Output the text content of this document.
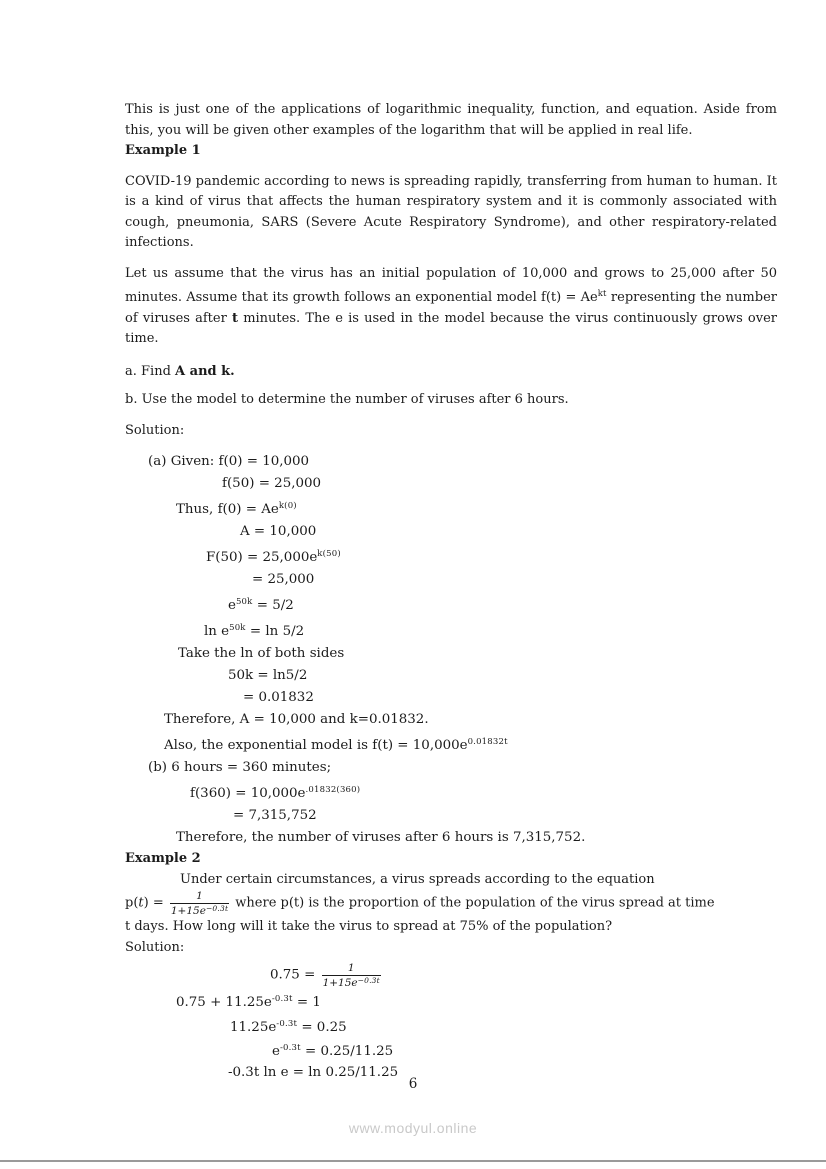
This is just one of the applications of logarithmic inequality, function, and equation. Aside from this, you will be given other examples of the logarithm that will be applied in real life.
Example 1
COVID-19 pandemic according to news is spreading rapidly, transferring from human to human. It is a kind of virus that affects the human respiratory system and it is commonly associated with cough, pneumonia, SARS (Severe Acute Respiratory Syndrome), and other respiratory-related infections.
Let us assume that the virus has an initial population of 10,000 and grows to 25,000 after 50 minutes. Assume that its growth follows an exponential model $f(t) = Ae^{kt}$ representing the number of viruses after t minutes. The e is used in the model because the virus continuously grows over time.
a. Find A and k.
b. Use the model to determine the number of viruses after 6 hours.
Solution:
(a) Given: f(0) = 10,000
f(50) = 25,000
Thus, $f(0) = Ae^{k(0)}$
A = 10,000
$F(50) = 25,000e^{k(50)}$
= 25,000
$e^{50k} = 5/2$
$\ln e^{50k} = \ln 5/2$
Take the ln of both sides
50k = ln5/2
= 0.01832
Therefore, A = 10,000 and k=0.01832.
Also, the exponential model is $f(t) = 10,000e^{0.01832t}$
(b) 6 hours = 360 minutes;
$f(360) = 10,000e^{.01832(360)}$
= 7,315,752
Therefore, the number of viruses after 6 hours is 7,315,752.
Example 2
Under certain circumstances, a virus spreads according to the equation
$p(t) = \frac{1}{1+15e^{-0.3t}}$ where p(t) is the proportion of the population of the virus spread at time
t days. How long will it take the virus to spread at 75% of the population?
Solution:
$0.75 = \frac{1}{1+15e^{-0.3t}}$
$0.75 + 11.25e^{-0.3t} = 1$
$11.25e^{-0.3t} = 0.25$
$e^{-0.3t} = 0.25/11.25$
-0.3t ln e = ln 0.25/11.25
6
www.modyul.online
